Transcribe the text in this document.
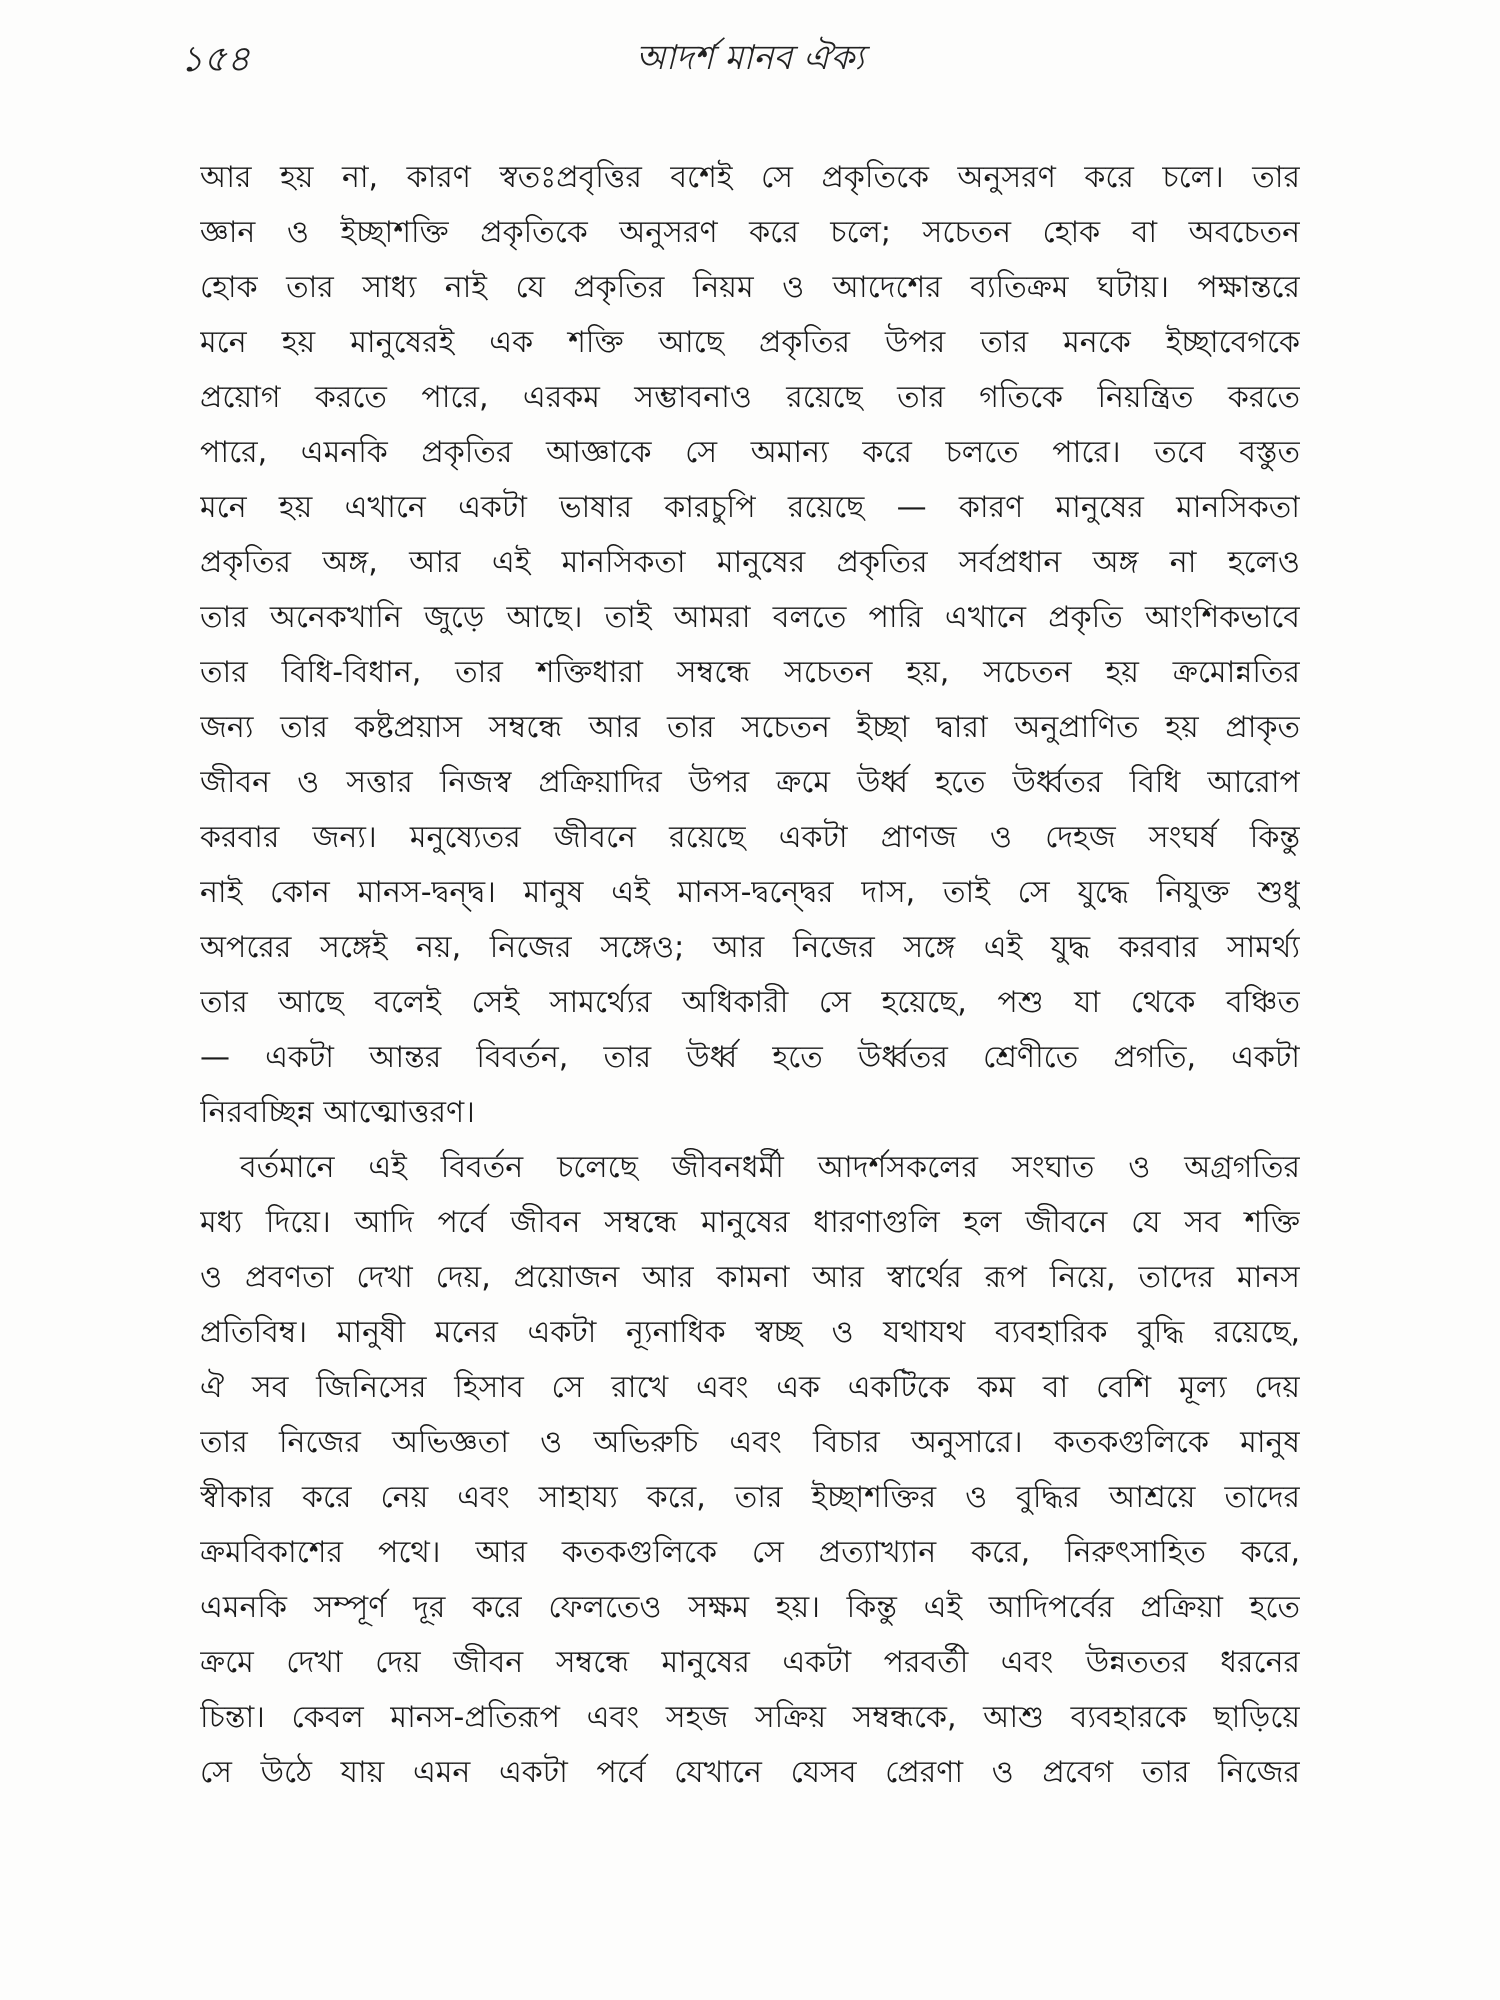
১৫৪	আদর্শ মানব ঐক্য
আর হয় না, কারণ স্বতঃপ্রবৃত্তির বশেই সে প্রকৃতিকে অনুসরণ করে চলে। তার
জ্ঞান ও ইচ্ছাশক্তি প্রকৃতিকে অনুসরণ করে চলে; সচেতন হোক বা অবচেতন
হোক তার সাধ্য নাই যে প্রকৃতির নিয়ম ও আদেশের ব্যতিক্রম ঘটায়। পক্ষান্তরে
মনে হয় মানুষেরই এক শক্তি আছে প্রকৃতির উপর তার মনকে ইচ্ছাবেগকে
প্রয়োগ করতে পারে, এরকম সম্ভাবনাও রয়েছে তার গতিকে নিয়ন্ত্রিত করতে
পারে, এমনকি প্রকৃতির আজ্ঞাকে সে অমান্য করে চলতে পারে। তবে বস্তুত
মনে হয় এখানে একটা ভাষার কারচুপি রয়েছে — কারণ মানুষের মানসিকতা
প্রকৃতির অঙ্গ, আর এই মানসিকতা মানুষের প্রকৃতির সর্বপ্রধান অঙ্গ না হলেও
তার অনেকখানি জুড়ে আছে। তাই আমরা বলতে পারি এখানে প্রকৃতি আংশিকভাবে
তার বিধি-বিধান, তার শক্তিধারা সম্বন্ধে সচেতন হয়, সচেতন হয় ক্রমোন্নতির
জন্য তার কষ্টপ্রয়াস সম্বন্ধে আর তার সচেতন ইচ্ছা দ্বারা অনুপ্রাণিত হয় প্রাকৃত
জীবন ও সত্তার নিজস্ব প্রক্রিয়াদির উপর ক্রমে উর্ধ্ব হতে উর্ধ্বতর বিধি আরোপ
করবার জন্য। মনুষ্যেতর জীবনে রয়েছে একটা প্রাণজ ও দেহজ সংঘর্ষ কিন্তু
নাই কোন মানস-দ্বন্দ্ব। মানুষ এই মানস-দ্বন্দ্বের দাস, তাই সে যুদ্ধে নিযুক্ত শুধু
অপরের সঙ্গেই নয়, নিজের সঙ্গেও; আর নিজের সঙ্গে এই যুদ্ধ করবার সামর্থ্য
তার আছে বলেই সেই সামর্থ্যের অধিকারী সে হয়েছে, পশু যা থেকে বঞ্চিত
— একটা আন্তর বিবর্তন, তার উর্ধ্ব হতে উর্ধ্বতর শ্রেণীতে প্রগতি, একটা
নিরবচ্ছিন্ন আত্মোত্তরণ।
বর্তমানে এই বিবর্তন চলেছে জীবনধর্মী আদর্শসকলের সংঘাত ও অগ্রগতির
মধ্য দিয়ে। আদি পর্বে জীবন সম্বন্ধে মানুষের ধারণাগুলি হল জীবনে যে সব শক্তি
ও প্রবণতা দেখা দেয়, প্রয়োজন আর কামনা আর স্বার্থের রূপ নিয়ে, তাদের মানস
প্রতিবিম্ব। মানুষী মনের একটা ন্যূনাধিক স্বচ্ছ ও যথাযথ ব্যবহারিক বুদ্ধি রয়েছে,
ঐ সব জিনিসের হিসাব সে রাখে এবং এক একটিকে কম বা বেশি মূল্য দেয়
তার নিজের অভিজ্ঞতা ও অভিরুচি এবং বিচার অনুসারে। কতকগুলিকে মানুষ
স্বীকার করে নেয় এবং সাহায্য করে, তার ইচ্ছাশক্তির ও বুদ্ধির আশ্রয়ে তাদের
ক্রমবিকাশের পথে। আর কতকগুলিকে সে প্রত্যাখ্যান করে, নিরুৎসাহিত করে,
এমনকি সম্পূর্ণ দূর করে ফেলতেও সক্ষম হয়। কিন্তু এই আদিপর্বের প্রক্রিয়া হতে
ক্রমে দেখা দেয় জীবন সম্বন্ধে মানুষের একটা পরবর্তী এবং উন্নততর ধরনের
চিন্তা। কেবল মানস-প্রতিরূপ এবং সহজ সক্রিয় সম্বন্ধকে, আশু ব্যবহারকে ছাড়িয়ে
সে উঠে যায় এমন একটা পর্বে যেখানে যেসব প্রেরণা ও প্রবেগ তার নিজের
